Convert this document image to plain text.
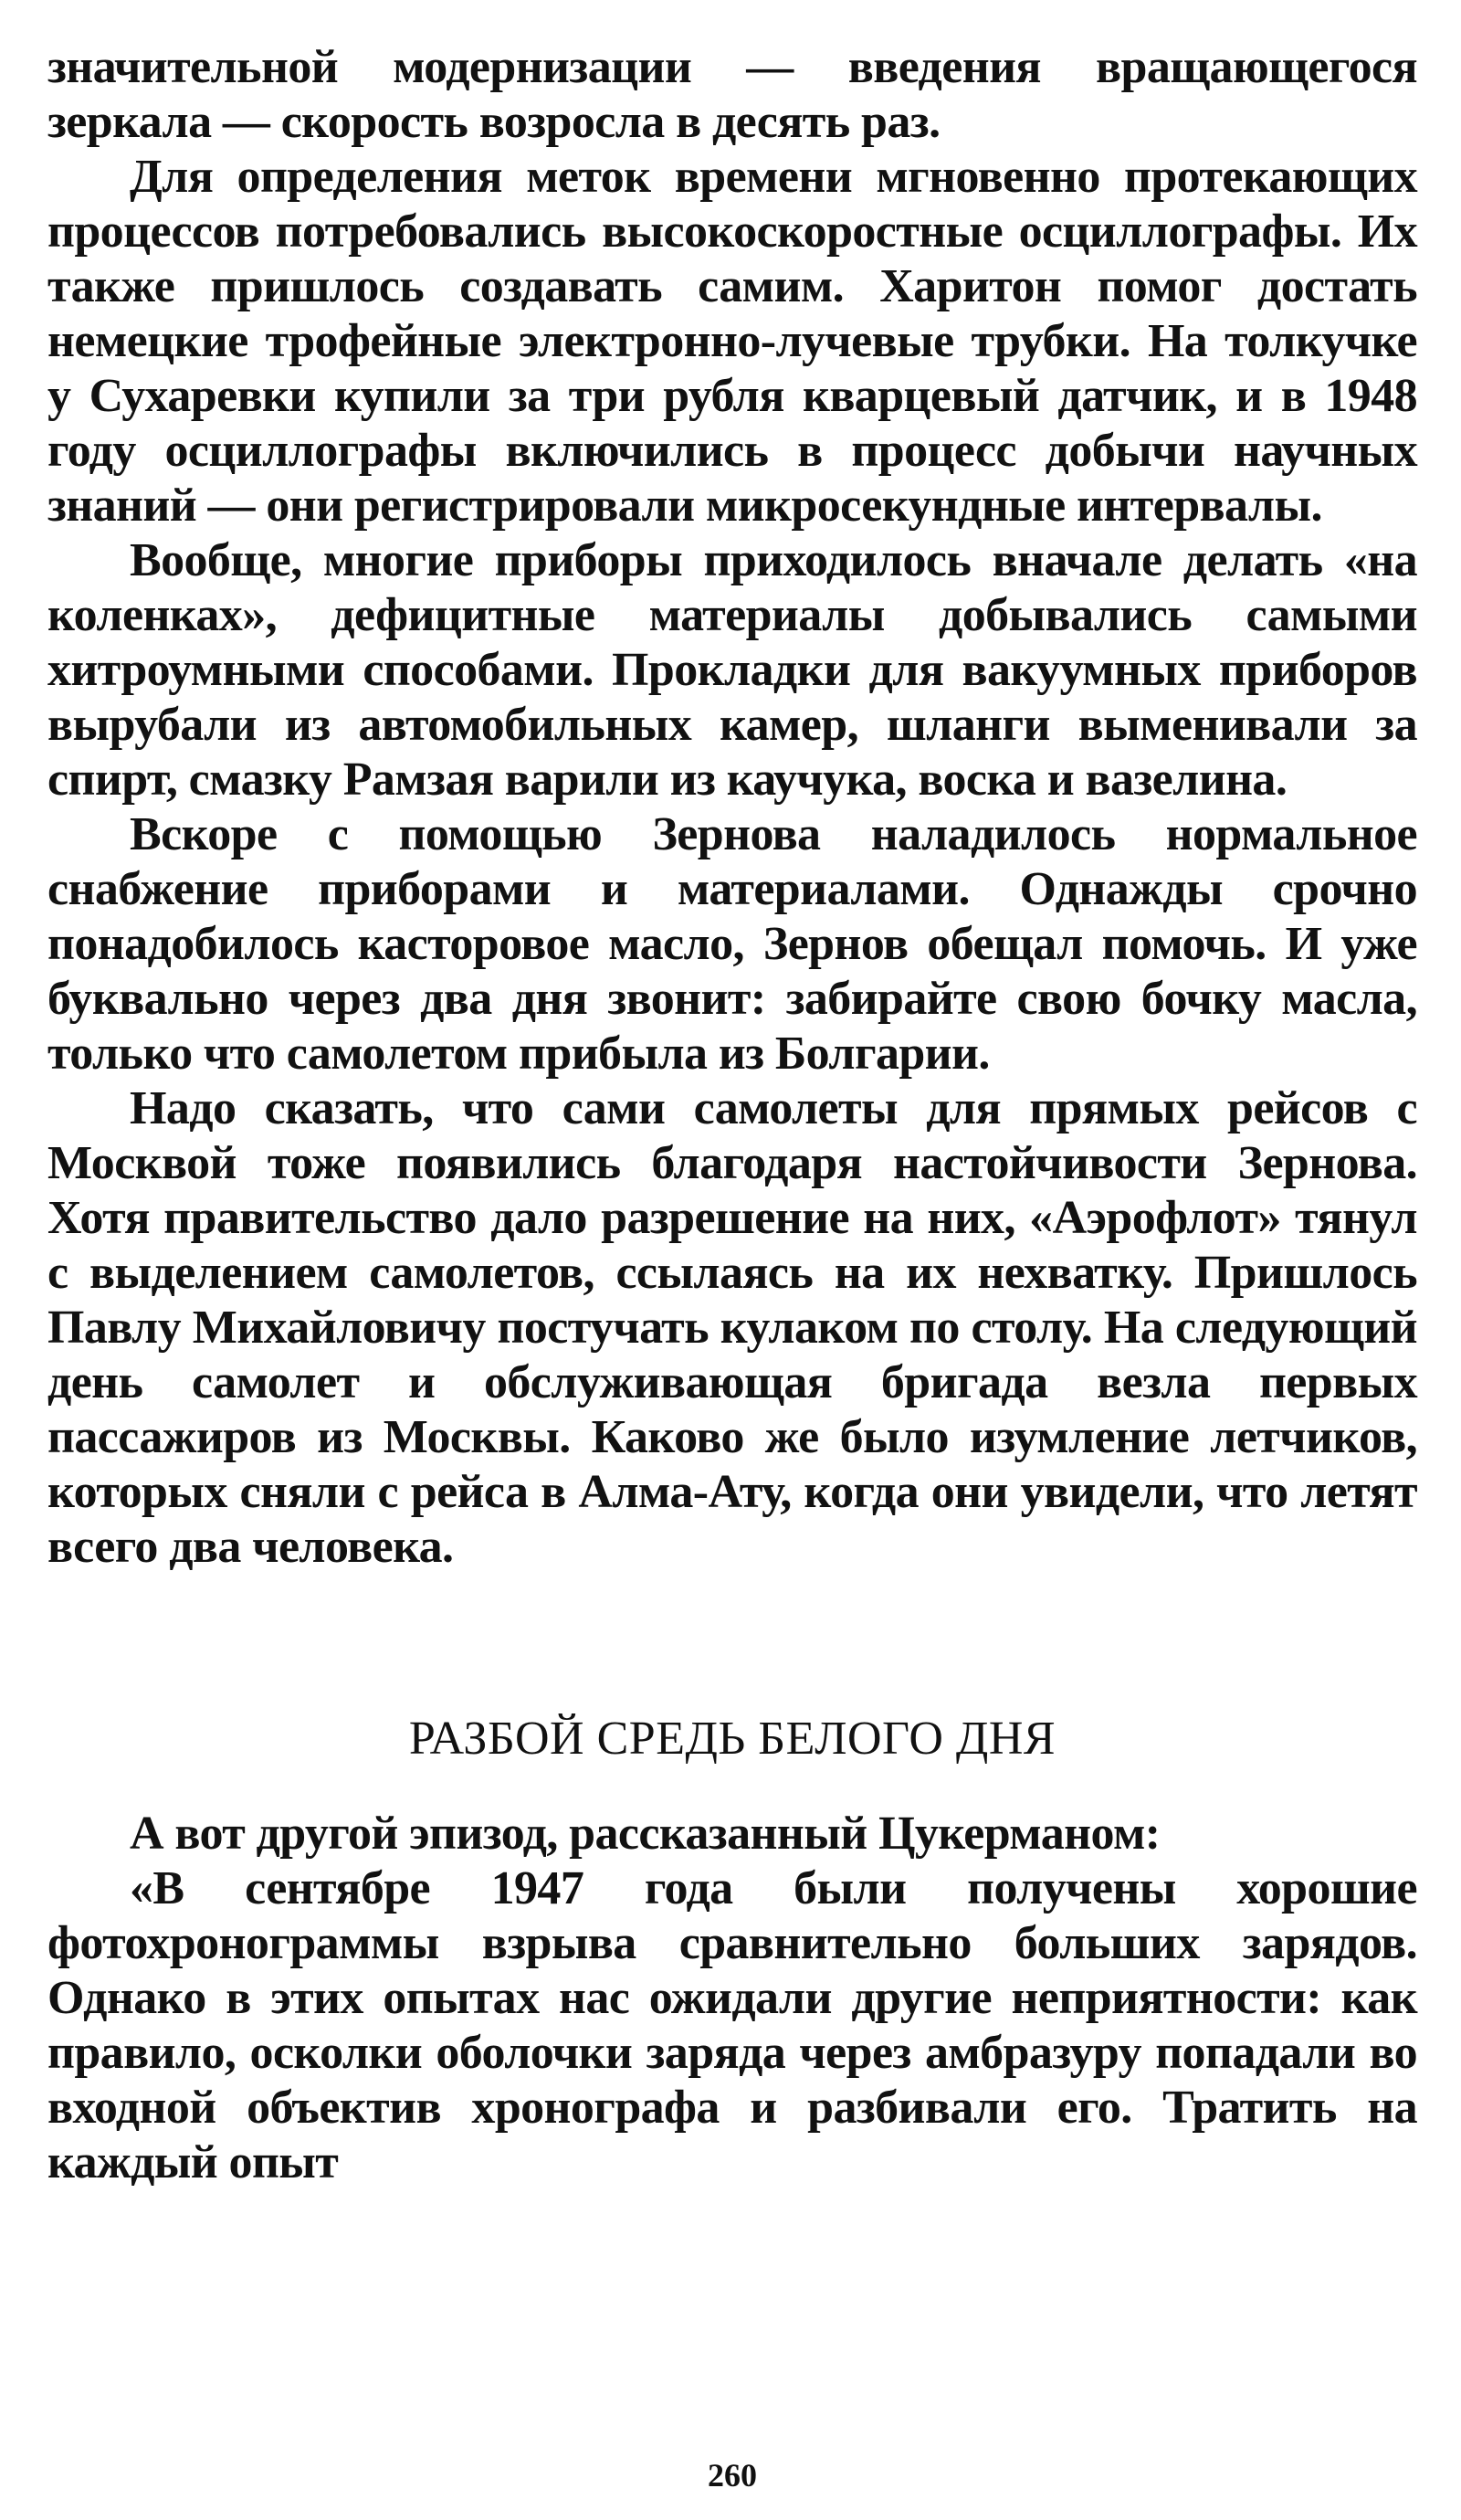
значительной модернизации — введения вращающегося зеркала — скорость возросла в десять раз.

Для определения меток времени мгновенно протекающих процессов потребовались высокоскоростные осциллографы. Их также пришлось создавать самим. Харитон помог достать немецкие трофейные электронно-лучевые трубки. На толкучке у Сухаревки купили за три рубля кварцевый датчик, и в 1948 году осциллографы включились в процесс добычи научных знаний — они регистрировали микросекундные интервалы.

Вообще, многие приборы приходилось вначале делать «на коленках», дефицитные материалы добывались самыми хитроумными способами. Прокладки для вакуумных приборов вырубали из автомобильных камер, шланги выменивали за спирт, смазку Рамзая варили из каучука, воска и вазелина.

Вскоре с помощью Зернова наладилось нормальное снабжение приборами и материалами. Однажды срочно понадобилось касторовое масло, Зернов обещал помочь. И уже буквально через два дня звонит: забирайте свою бочку масла, только что самолетом прибыла из Болгарии.

Надо сказать, что сами самолеты для прямых рейсов с Москвой тоже появились благодаря настойчивости Зернова. Хотя правительство дало разрешение на них, «Аэрофлот» тянул с выделением самолетов, ссылаясь на их нехватку. Пришлось Павлу Михайловичу постучать кулаком по столу. На следующий день самолет и обслуживающая бригада везла первых пассажиров из Москвы. Каково же было изумление летчиков, которых сняли с рейса в Алма-Ату, когда они увидели, что летят всего два человека.

РАЗБОЙ СРЕДЬ БЕЛОГО ДНЯ

А вот другой эпизод, рассказанный Цукерманом:

«В сентябре 1947 года были получены хорошие фотохронограммы взрыва сравнительно больших зарядов. Однако в этих опытах нас ожидали другие неприятности: как правило, осколки оболочки заряда через амбразуру попадали во входной объектив хронографа и разбивали его. Тратить на каждый опыт

260
